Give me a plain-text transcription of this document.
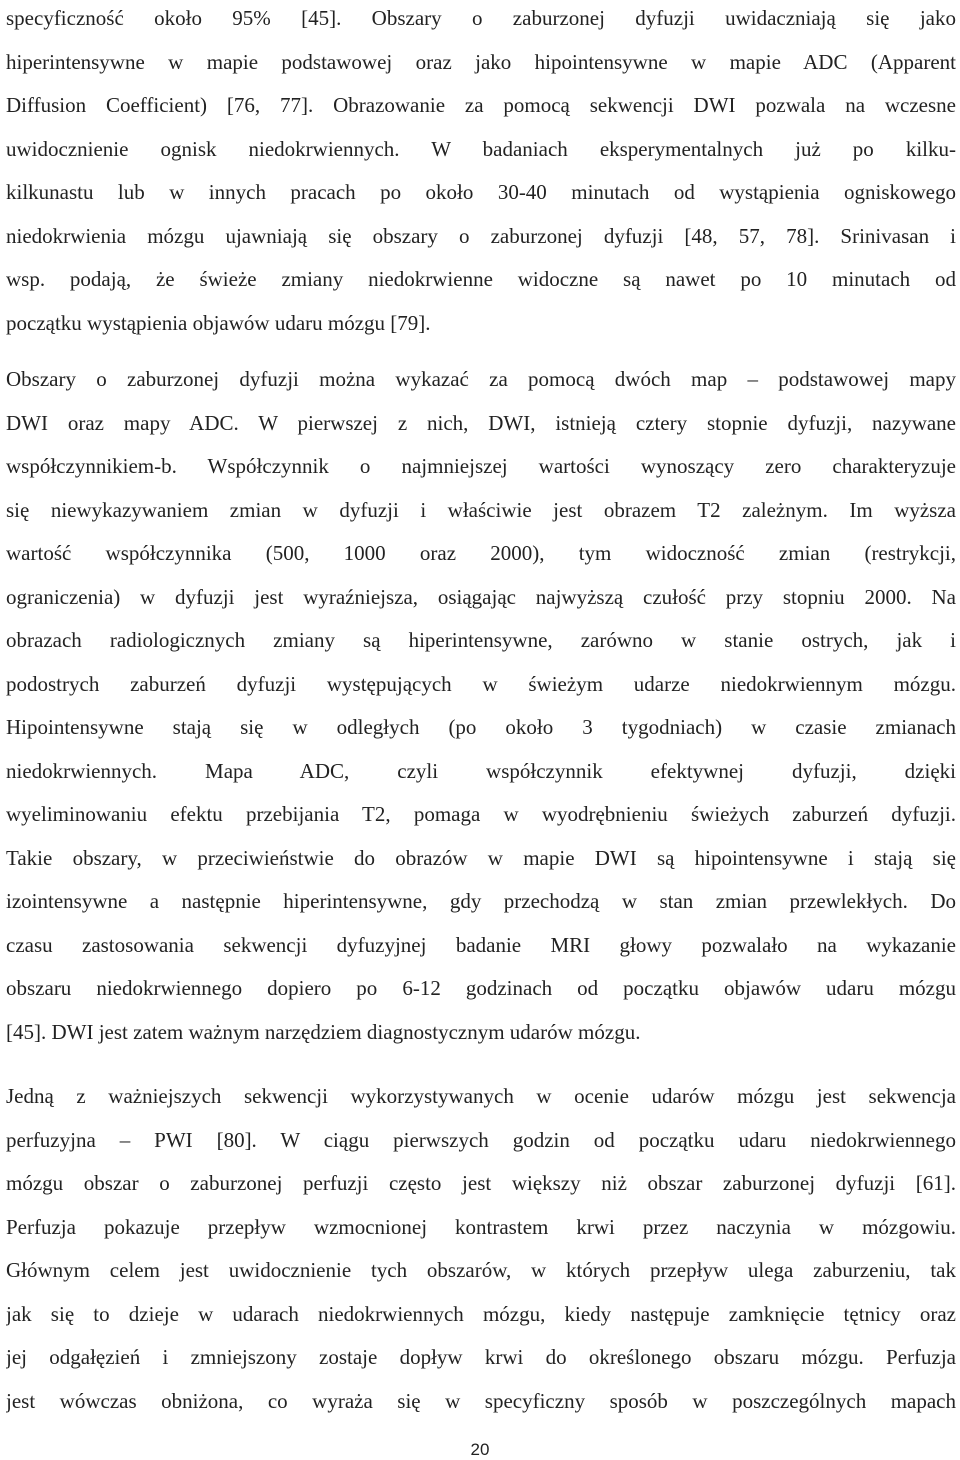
specyficzność około 95% [45]. Obszary o zaburzonej dyfuzji uwidaczniają się jako
hiperintensywne w mapie podstawowej oraz jako hipointensywne w mapie ADC (Apparent
Diffusion Coefficient) [76, 77]. Obrazowanie za pomocą sekwencji DWI pozwala na wczesne
uwidocznienie ognisk niedokrwiennych. W badaniach eksperymentalnych już po kilku-
kilkunastu lub w innych pracach po około 30-40 minutach od wystąpienia ogniskowego
niedokrwienia mózgu ujawniają się obszary o zaburzonej dyfuzji [48, 57, 78]. Srinivasan i
wsp. podają, że świeże zmiany niedokrwienne widoczne są nawet po 10 minutach od
początku wystąpienia objawów udaru mózgu [79].
Obszary o zaburzonej dyfuzji można wykazać za pomocą dwóch map – podstawowej mapy
DWI oraz mapy ADC. W pierwszej z nich, DWI, istnieją cztery stopnie dyfuzji, nazywane
współczynnikiem-b. Współczynnik o najmniejszej wartości wynoszący zero charakteryzuje
się niewykazywaniem zmian w dyfuzji i właściwie jest obrazem T2 zależnym. Im wyższa
wartość współczynnika (500, 1000 oraz 2000), tym widoczność zmian (restrykcji,
ograniczenia) w dyfuzji jest wyraźniejsza, osiągając najwyższą czułość przy stopniu 2000. Na
obrazach radiologicznych zmiany są hiperintensywne, zarówno w stanie ostrych, jak i
podostrych zaburzeń dyfuzji występujących w świeżym udarze niedokrwiennym mózgu.
Hipointensywne stają się w odległych (po około 3 tygodniach) w czasie zmianach
niedokrwiennych. Mapa ADC, czyli współczynnik efektywnej dyfuzji, dzięki
wyeliminowaniu efektu przebijania T2, pomaga w wyodrębnieniu świeżych zaburzeń dyfuzji.
Takie obszary, w przeciwieństwie do obrazów w mapie DWI są hipointensywne i stają się
izointensywne a następnie hiperintensywne, gdy przechodzą w stan zmian przewlekłych. Do
czasu zastosowania sekwencji dyfuzyjnej badanie MRI głowy pozwalało na wykazanie
obszaru niedokrwiennego dopiero po 6-12 godzinach od początku objawów udaru mózgu
[45]. DWI jest zatem ważnym narzędziem diagnostycznym udarów mózgu.
Jedną z ważniejszych sekwencji wykorzystywanych w ocenie udarów mózgu jest sekwencja
perfuzyjna – PWI [80]. W ciągu pierwszych godzin od początku udaru niedokrwiennego
mózgu obszar o zaburzonej perfuzji często jest większy niż obszar zaburzonej dyfuzji [61].
Perfuzja pokazuje przepływ wzmocnionej kontrastem krwi przez naczynia w mózgowiu.
Głównym celem jest uwidocznienie tych obszarów, w których przepływ ulega zaburzeniu, tak
jak się to dzieje w udarach niedokrwiennych mózgu, kiedy następuje zamknięcie tętnicy oraz
jej odgałęzień i zmniejszony zostaje dopływ krwi do określonego obszaru mózgu. Perfuzja
jest wówczas obniżona, co wyraża się w specyficzny sposób w poszczególnych mapach
20
